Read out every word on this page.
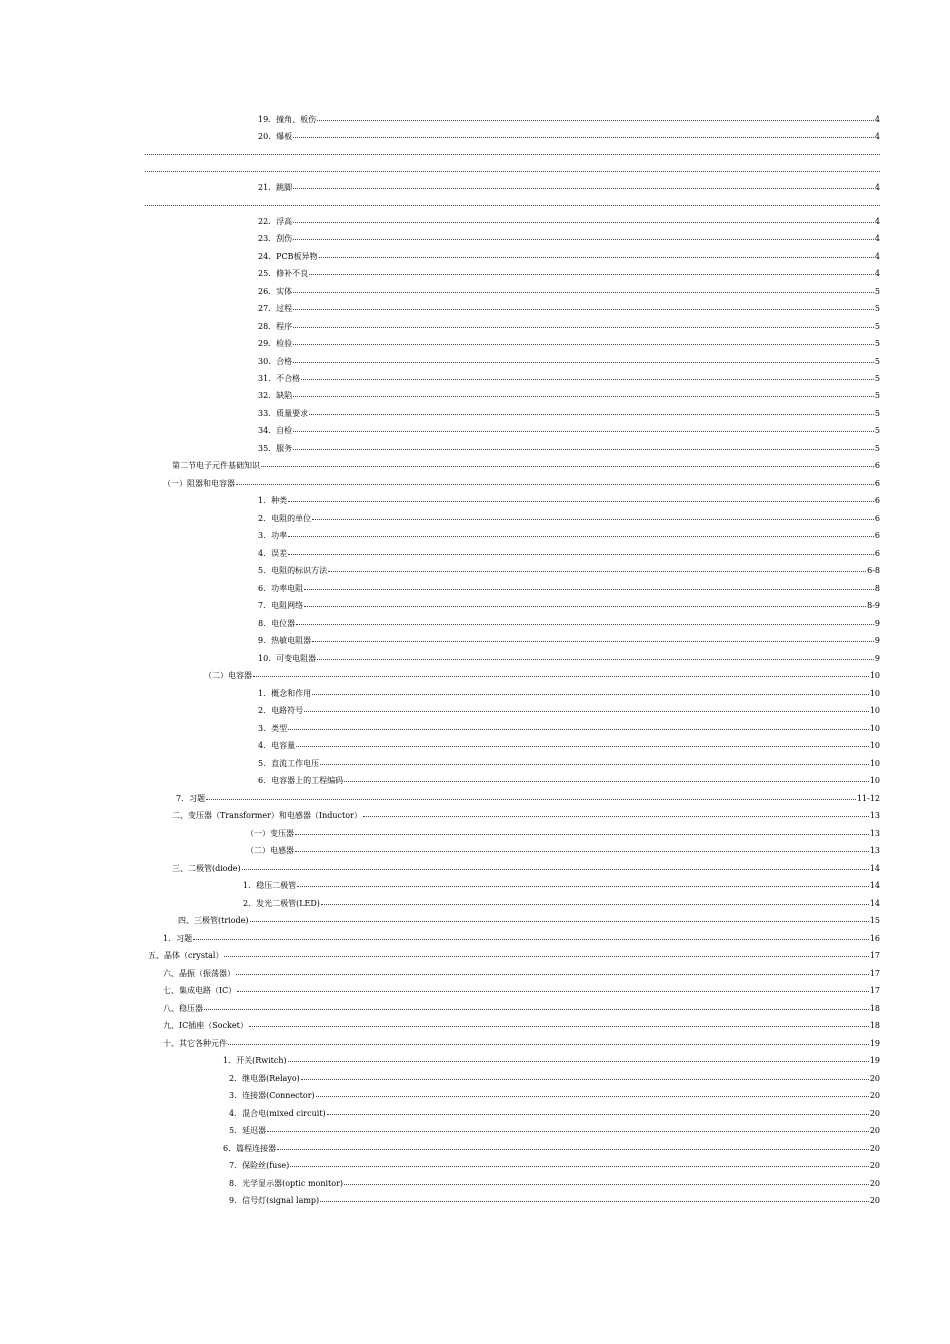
19．撞角、板伤	4
20．爆板	4
21．跳脚	4
22．浮高	4
23．刮伤	4
24．PCB板异物	4
25．修补不良	4
26．实体	5
27．过程	5
28．程序	5
29．检验	5
30．合格	5
31．不合格	5
32．缺陷	5
33．质量要求	5
34．自检	5
35．服务	5
第二节电子元件基础知识	6
（一）阻器和电容器	6
1．种类	6
2．电阻的单位	6
3．功率	6
4．误差	6
5．电阻的标识方法	6-8
6．功率电阻	8
7．电阻网络	8-9
8．电位器	9
9．热敏电阻器	9
10．可变电阻器	9
（二）电容器	10
1．概念和作用	10
2．电路符号	10
3．类型	10
4．电容量	10
5．直流工作电压	10
6．电容器上的工程编码	10
7．习题	11-12
二、变压器（Transformer）和电感器（Inductor）	13
（一）变压器	13
（二）电感器	13
三、二极管(diode)	14
1．稳压二极管	14
2．发光二极管(LED)	14
四、三极管(triode)	15
1．习题	16
五、晶体（crystal）	17
六、晶振（振荡器）	17
七、集成电路（IC）	17
八、稳压器	18
九、IC插座（Socket）	18
十、其它各种元件	19
1．开关(Rwitch)	19
2．继电器(Relayo)	20
3．连接器(Connector)	20
4．混合电(mixed circuit)	20
5．延迟器	20
6．篇程连接器	20
7．保险丝(fuse)	20
8．光学显示器(optic monitor)	20
9．信号灯(signal lamp)	20
